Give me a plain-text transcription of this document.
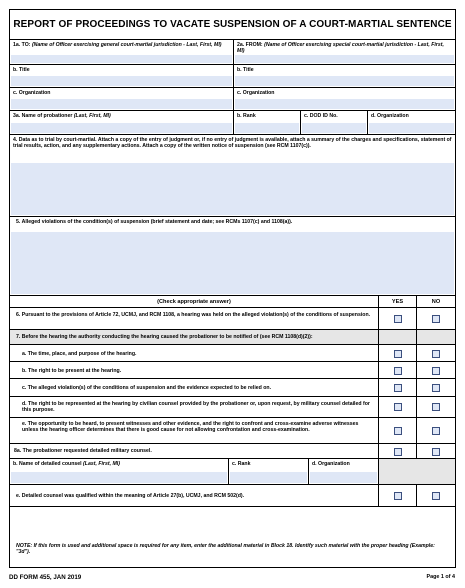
REPORT OF PROCEEDINGS TO VACATE SUSPENSION OF A COURT-MARTIAL SENTENCE
1a. TO: (Name of Officer exercising general court-martial jurisdiction - Last, First, MI)	2a. FROM: (Name of Officer exercising special court-martial jurisdiction - Last, First, MI)
b. Title	b. Title
c. Organization	c. Organization
3a. Name of probationer (Last, First, MI)	b. Rank	c. DOD ID No.	d. Organization
4. Data as to trial by court-martial. Attach a copy of the entry of judgment or, if no entry of judgment is available, attach a summary of the charges and specifications, statement of trial results, action, and any supplementary actions. Attach a copy of the written notice of suspension (see RCM 1107(c)).
5. Alleged violations of the condition(s) of suspension (brief statement and date; see RCMs 1107(c) and 1108(a)).
(Check appropriate answer)	YES	NO
6. Pursuant to the provisions of Article 72, UCMJ, and RCM 1108, a hearing was held on the alleged violation(s) of the conditions of suspension.
7. Before the hearing the authority conducting the hearing caused the probationer to be notified of (see RCM 1108(d)(2)):
a. The time, place, and purpose of the hearing.
b. The right to be present at the hearing.
c. The alleged violation(s) of the conditions of suspension and the evidence expected to be relied on.
d. The right to be represented at the hearing by civilian counsel provided by the probationer or, upon request, by military counsel detailed for this purpose.
e. The opportunity to be heard, to present witnesses and other evidence, and the right to confront and cross-examine adverse witnesses unless the hearing officer determines that there is good cause for not allowing confrontation and cross-examination.
8a. The probationer requested detailed military counsel.
b. Name of detailed counsel (Last, First, MI)	c. Rank	d. Organization
e. Detailed counsel was qualified within the meaning of Article 27(b), UCMJ, and RCM 502(d).
NOTE: If this form is used and additional space is required for any item, enter the additional material in Block 18. Identify such material with the proper heading (Example: "3d").
DD FORM 455, JAN 2019	Page 1 of 4
